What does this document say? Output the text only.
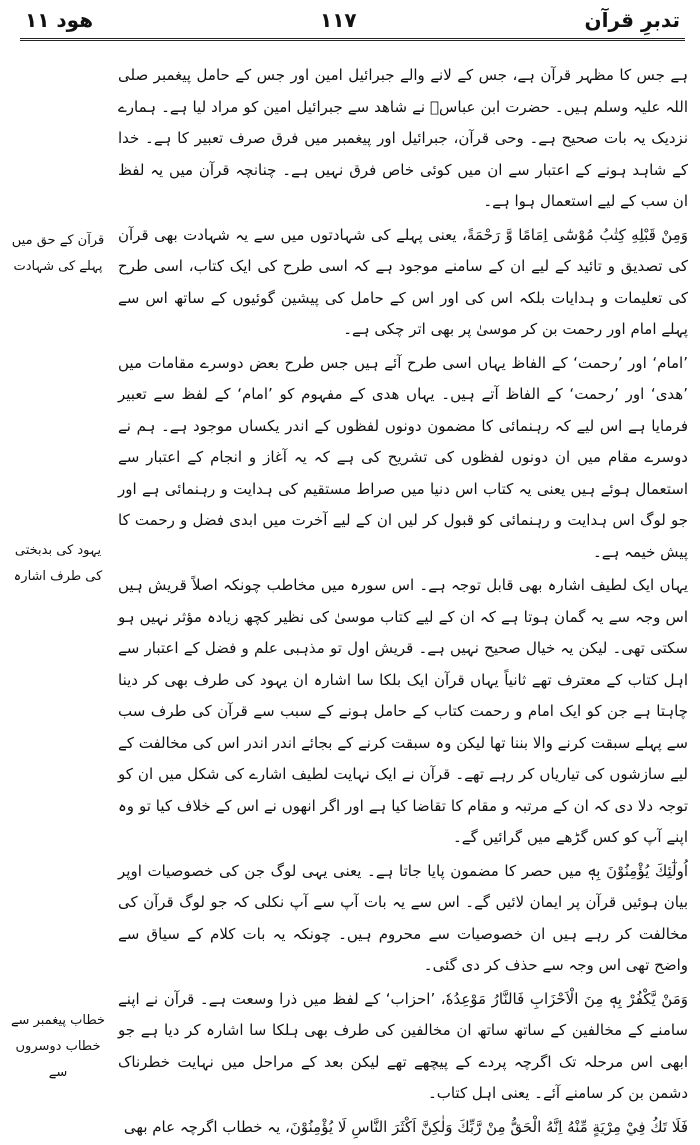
ھود ۱۱	۱۱۷	تدبرِ قرآن
قرآن کے حق میں پہلے کی شہادت
یہود کی بدبختی کی طرف اشارہ
خطاب پیغمبر سے خطاب دوسروں سے

ہے جس کا مظہر قرآن ہے، جس کے لانے والے جبرائیل امین اور جس کے حامل پیغمبر صلی اللہ علیہ وسلم ہیں۔ حضرت ابن عباسؓ نے شاھد سے جبرائیل امین کو مراد لیا ہے۔ ہمارے نزدیک یہ بات صحیح ہے۔ وحی قرآن، جبرائیل اور پیغمبر میں فرق صرف تعبیر کا ہے۔ خدا کے شاہد ہونے کے اعتبار سے ان میں کوئی خاص فرق نہیں ہے۔ چنانچہ قرآن میں یہ لفظ ان سب کے لیے استعمال ہوا ہے۔

وَمِنْ قَبْلِهِ كِتٰبُ مُوْسٰٓى اِمَامًا وَّ رَحْمَةً، یعنی پہلے کی شہادتوں میں سے یہ شہادت بھی قرآن کی تصدیق و تائید کے لیے ان کے سامنے موجود ہے کہ اسی طرح کی ایک کتاب، اسی طرح کی تعلیمات و ہدایات بلکہ اس کی اور اس کے حامل کی پیشین گوئیوں کے ساتھ اس سے پہلے امام اور رحمت بن کر موسیٰ پر بھی اتر چکی ہے۔

’امام‘ اور ’رحمت‘ کے الفاظ یہاں اسی طرح آئے ہیں جس طرح بعض دوسرے مقامات میں ’ھدی‘ اور ’رحمت‘ کے الفاظ آتے ہیں۔ یہاں ھدی کے مفہوم کو ’امام‘ کے لفظ سے تعبیر فرمایا ہے اس لیے کہ رہنمائی کا مضمون دونوں لفظوں کے اندر یکساں موجود ہے۔ ہم نے دوسرے مقام میں ان دونوں لفظوں کی تشریح کی ہے کہ یہ آغاز و انجام کے اعتبار سے استعمال ہوئے ہیں یعنی یہ کتاب اس دنیا میں صراط مستقیم کی ہدایت و رہنمائی ہے اور جو لوگ اس ہدایت و رہنمائی کو قبول کر لیں ان کے لیے آخرت میں ابدی فضل و رحمت کا پیش خیمہ ہے۔

یہاں ایک لطیف اشارہ بھی قابل توجہ ہے۔ اس سورہ میں مخاطب چونکہ اصلاً قریش ہیں اس وجہ سے یہ گمان ہوتا ہے کہ ان کے لیے کتاب موسیٰ کی نظیر کچھ زیادہ مؤثر نہیں ہو سکتی تھی۔ لیکن یہ خیال صحیح نہیں ہے۔ قریش اول تو مذہبی علم و فضل کے اعتبار سے اہل کتاب کے معترف تھے ثانیاً یہاں قرآن ایک بلکا سا اشارہ ان یہود کی طرف بھی کر دینا چاہتا ہے جن کو ایک امام و رحمت کتاب کے حامل ہونے کے سبب سے قرآن کی طرف سب سے پہلے سبقت کرنے والا بننا تھا لیکن وہ سبقت کرنے کے بجائے اندر اندر اس کی مخالفت کے لیے سازشوں کی تیاریاں کر رہے تھے۔ قرآن نے ایک نہایت لطیف اشارے کی شکل میں ان کو توجہ دلا دی کہ ان کے مرتبہ و مقام کا تقاضا کیا ہے اور اگر انھوں نے اس کے خلاف کیا تو وہ اپنے آپ کو کس گڑھے میں گرائیں گے۔

اُولٰٓئِكَ يُؤْمِنُوْنَ بِهٖ میں حصر کا مضمون پایا جاتا ہے۔ یعنی یہی لوگ جن کی خصوصیات اوپر بیان ہوئیں قرآن پر ایمان لائیں گے۔ اس سے یہ بات آپ سے آپ نکلی کہ جو لوگ قرآن کی مخالفت کر رہے ہیں ان خصوصیات سے محروم ہیں۔ چونکہ یہ بات کلام کے سیاق سے واضح تھی اس وجہ سے حذف کر دی گئی۔

وَمَنْ يَّكْفُرْ بِهٖ مِنَ الْاَحْزَابِ فَالنَّارُ مَوْعِدُهٗ، ’احزاب‘ کے لفظ میں ذرا وسعت ہے۔ قرآن نے اپنے سامنے کے مخالفین کے ساتھ ساتھ ان مخالفین کی طرف بھی ہلکا سا اشارہ کر دیا ہے جو ابھی اس مرحلہ تک اگرچہ پردے کے پیچھے تھے لیکن بعد کے مراحل میں نہایت خطرناک دشمن بن کر سامنے آئے۔ یعنی اہل کتاب۔

فَلَا تَكُ فِيْ مِرْيَةٍ مِّنْهُ اِنَّهُ الْحَقُّ مِنْ رَّبِّكَ وَلٰكِنَّ اَكْثَرَ النَّاسِ لَا يُؤْمِنُوْنَ، یہ خطاب اگرچہ عام بھی
